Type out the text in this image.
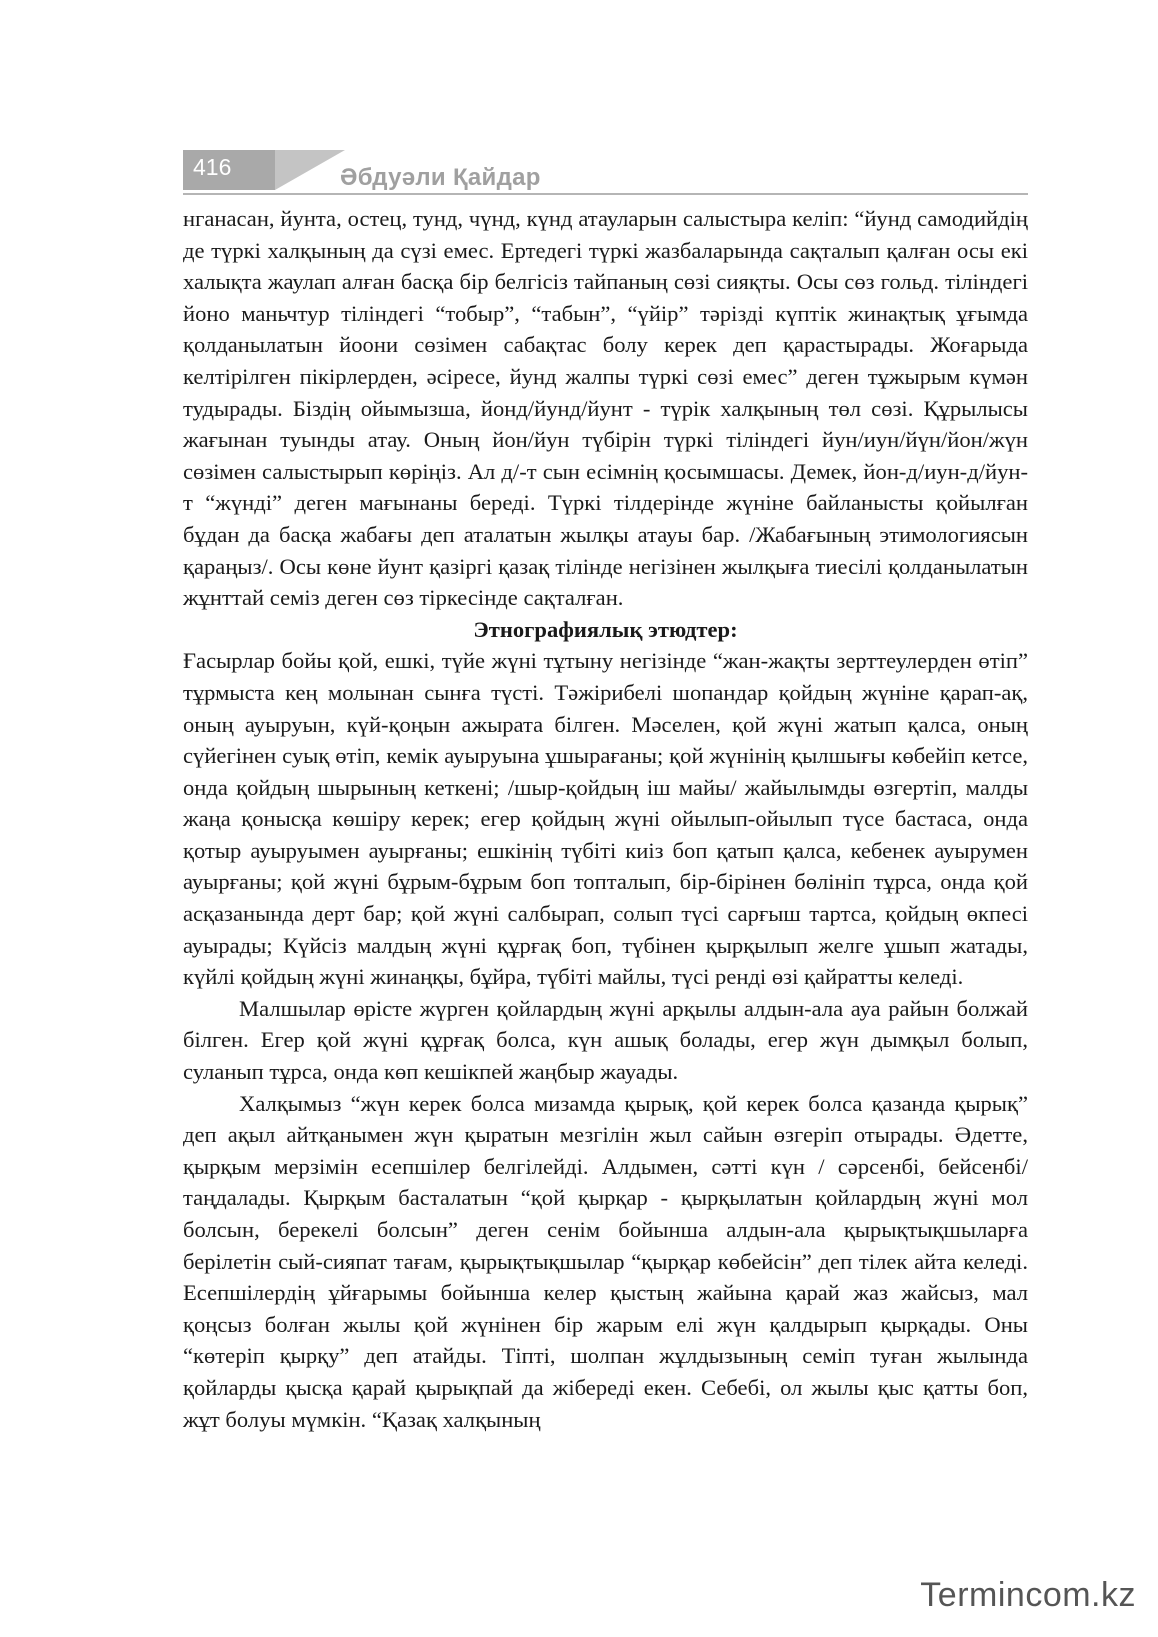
416	Әбдуәли Қайдар

нганасан, йунта, остец, тунд, чүнд, күнд атауларын салыстыра келіп: “йунд самодийдің де түркі халқының да сүзі емес. Ертедегі түркі жазбаларында сақталып қалған осы екі халықта жаулап алған басқа бір белгісіз тайпаның сөзі сияқты. Осы сөз гольд. тіліндегі йоно маньчтур тіліндегі “тобыр”, “табын”, “үйір” тәрізді күптік жинақтық ұғымда қолданылатын йоони сөзімен сабақтас болу керек деп қарастырады. Жоғарыда келтірілген пікірлерден, әсіресе, йунд жалпы түркі сөзі емес” деген тұжырым күмән тудырады. Біздің ойымызша, йонд/йунд/йунт - түрік халқының төл сөзі. Құрылысы жағынан туынды атау. Оның йон/йун түбірін түркі тіліндегі йун/иун/йүн/йон/жүн сөзімен салыстырып көріңіз. Ал д/-т сын есімнің қосымшасы. Демек, йон-д/иун-д/йун-т “жүнді” деген мағынаны береді. Түркі тілдерінде жүніне байланысты қойылған бұдан да басқа жабағы деп аталатын жылқы атауы бар. /Жабағының этимологиясын қараңыз/. Осы көне йунт қазіргі қазақ тілінде негізінен жылқыға тиесілі қолданылатын жұнттай семіз деген сөз тіркесінде сақталған.

Этнографиялық этюдтер:

Ғасырлар бойы қой, ешкі, түйе жүні тұтыну негізінде “жан-жақты зерттеулерден өтіп” тұрмыста кең молынан сынға түсті. Тәжірибелі шопандар қойдың жүніне қарап-ақ, оның ауыруын, күй-қоңын ажырата білген. Мәселен, қой жүні жатып қалса, оның сүйегінен суық өтіп, кемік ауыруына ұшырағаны; қой жүнінің қылшығы көбейіп кетсе, онда қойдың шырының кеткені; /шыр-қойдың іш майы/ жайылымды өзгертіп, малды жаңа қонысқа көшіру керек; егер қойдың жүні ойылып-ойылып түсе бастаса, онда қотыр ауыруымен ауырғаны; ешкінің түбіті киіз боп қатып қалса, кебенек ауырумен ауырғаны; қой жүні бұрым-бұрым боп топталып, бір-бірінен бөлініп тұрса, онда қой асқазанында дерт бар; қой жүні салбырап, солып түсі сарғыш тартса, қойдың өкпесі ауырады; Күйсіз малдың жүні құрғақ боп, түбінен қырқылып желге ұшып жатады, күйлі қойдың жүні жинаңқы, бұйра, түбіті майлы, түсі ренді өзі қайратты келеді.

Малшылар өрісте жүрген қойлардың жүні арқылы алдын-ала ауа райын болжай білген. Егер қой жүні құрғақ болса, күн ашық болады, егер жүн дымқыл болып, суланып тұрса, онда көп кешікпей жаңбыр жауады.

Халқымыз “жүн керек болса мизамда қырық, қой керек болса қазанда қырық” деп ақыл айтқанымен жүн қыратын мезгілін жыл сайын өзгеріп отырады. Әдетте, қырқым мерзімін есепшілер белгілейді. Алдымен, сәтті күн / сәрсенбі, бейсенбі/ таңдалады. Қырқым басталатын “қой қырқар - қырқылатын қойлардың жүні мол болсын, берекелі болсын” деген сенім бойынша алдын-ала қырықтықшыларға берілетін сый-сияпат тағам, қырықтықшылар “қырқар көбейсін” деп тілек айта келеді. Есепшілердің ұйғарымы бойынша келер қыстың жайына қарай жаз жайсыз, мал қоңсыз болған жылы қой жүнінен бір жарым елі жүн қалдырып қырқады. Оны “көтеріп қырқу” деп атайды. Тіпті, шолпан жұлдызының семіп туған жылында қойларды қысқа қарай қырықпай да жібереді екен. Себебі, ол жылы қыс қатты боп, жұт болуы мүмкін. “Қазақ халқының

Termincom.kz
